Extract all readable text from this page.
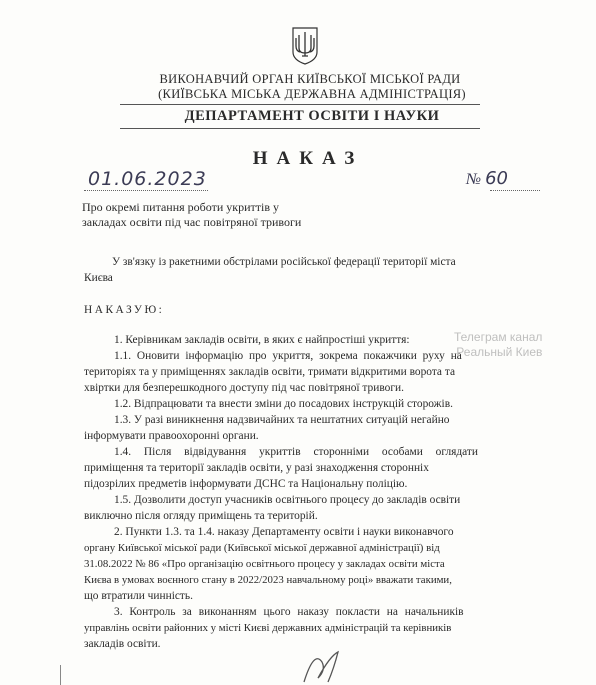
ВИКОНАВЧИЙ ОРГАН КИЇВСЬКОЇ МІСЬКОЇ РАДИ
(КИЇВСЬКА МІСЬКА ДЕРЖАВНА АДМІНІСТРАЦІЯ)
ДЕПАРТАМЕНТ ОСВІТИ І НАУКИ
НАКАЗ
01.06.2023	№ 60
Про окремі питання роботи укриттів у
закладах освіти під час повітряної тривоги
У зв'язку із ракетними обстрілами російської федерації території міста
Києва
НАКАЗУЮ:
1. Керівникам закладів освіти, в яких є найпростіші укриття:
1.1. Оновити інформацію про укриття, зокрема покажчики руху на
територіях та у приміщеннях закладів освіти, тримати відкритими ворота та
хвіртки для безперешкодного доступу під час повітряної тривоги.
1.2. Відпрацювати та внести зміни до посадових інструкцій сторожів.
1.3. У разі виникнення надзвичайних та нештатних ситуацій негайно
інформувати правоохоронні органи.
1.4. Після відвідування укриттів сторонніми особами оглядати
приміщення та території закладів освіти, у разі знаходження сторонніх
підозрілих предметів інформувати ДСНС та Національну поліцію.
1.5. Дозволити доступ учасників освітнього процесу до закладів освіти
виключно після огляду приміщень та територій.
2. Пункти 1.3. та 1.4. наказу Департаменту освіти і науки виконавчого
органу Київської міської ради (Київської міської державної адміністрації) від
31.08.2022 № 86 «Про організацію освітнього процесу у закладах освіти міста
Києва в умовах воєнного стану в 2022/2023 навчальному році» вважати такими,
що втратили чинність.
3. Контроль за виконанням цього наказу покласти на начальників
управлінь освіти районних у місті Києві державних адміністрацій та керівників
закладів освіти.
Телеграм канал
Реальный Киев
